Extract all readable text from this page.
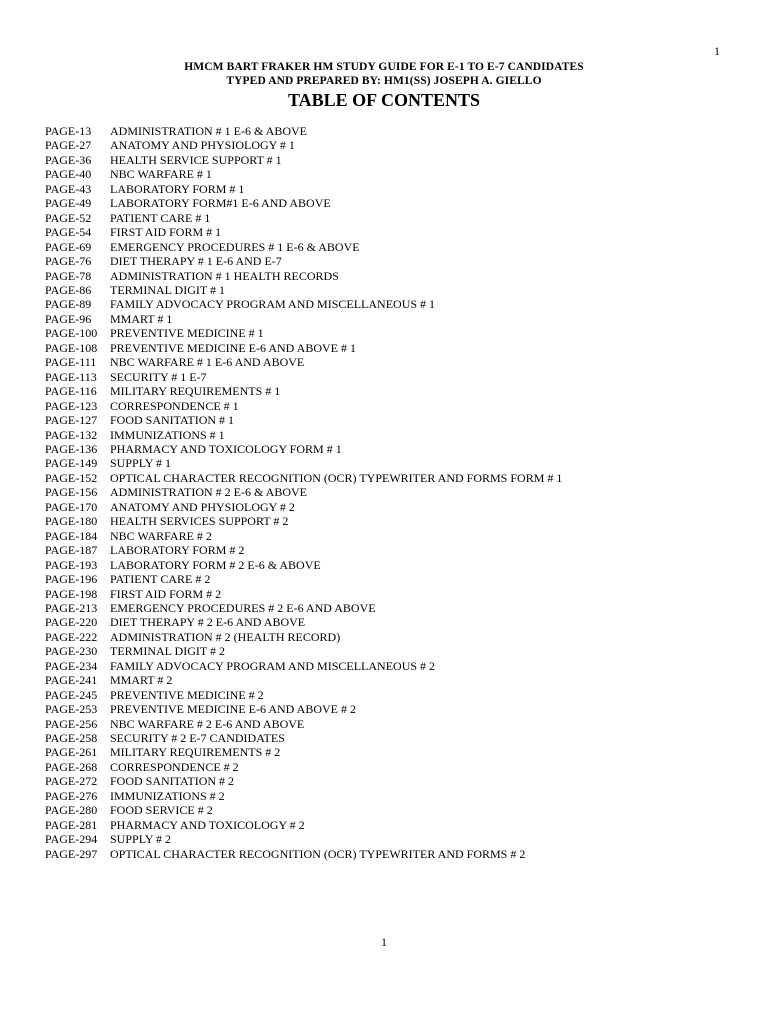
1
HMCM BART FRAKER HM STUDY GUIDE FOR E-1 TO E-7 CANDIDATES
TYPED AND PREPARED BY: HM1(SS) JOSEPH A. GIELLO
TABLE OF CONTENTS
PAGE-13	ADMINISTRATION # 1 E-6 & ABOVE
PAGE-27	ANATOMY AND PHYSIOLOGY # 1
PAGE-36	HEALTH SERVICE SUPPORT # 1
PAGE-40	NBC WARFARE # 1
PAGE-43	LABORATORY FORM # 1
PAGE-49	LABORATORY FORM#1 E-6 AND ABOVE
PAGE-52	PATIENT CARE # 1
PAGE-54	FIRST AID FORM # 1
PAGE-69	EMERGENCY PROCEDURES # 1 E-6 & ABOVE
PAGE-76	DIET THERAPY # 1 E-6 AND E-7
PAGE-78	ADMINISTRATION # 1 HEALTH RECORDS
PAGE-86	TERMINAL DIGIT # 1
PAGE-89	FAMILY ADVOCACY PROGRAM AND MISCELLANEOUS # 1
PAGE-96	MMART # 1
PAGE-100	PREVENTIVE MEDICINE # 1
PAGE-108	PREVENTIVE MEDICINE E-6 AND ABOVE # 1
PAGE-111	NBC WARFARE # 1 E-6 AND ABOVE
PAGE-113	SECURITY # 1 E-7
PAGE-116	MILITARY REQUIREMENTS # 1
PAGE-123	CORRESPONDENCE # 1
PAGE-127	FOOD SANITATION # 1
PAGE-132	IMMUNIZATIONS # 1
PAGE-136	PHARMACY AND TOXICOLOGY FORM # 1
PAGE-149	SUPPLY # 1
PAGE-152	OPTICAL CHARACTER RECOGNITION (OCR) TYPEWRITER AND FORMS FORM # 1
PAGE-156	ADMINISTRATION # 2 E-6 & ABOVE
PAGE-170	ANATOMY AND PHYSIOLOGY # 2
PAGE-180	HEALTH SERVICES SUPPORT # 2
PAGE-184	NBC WARFARE # 2
PAGE-187	LABORATORY FORM # 2
PAGE-193	LABORATORY FORM # 2 E-6 & ABOVE
PAGE-196	PATIENT CARE # 2
PAGE-198	FIRST AID FORM # 2
PAGE-213	EMERGENCY PROCEDURES # 2 E-6 AND ABOVE
PAGE-220	DIET THERAPY # 2 E-6 AND ABOVE
PAGE-222	ADMINISTRATION # 2 (HEALTH RECORD)
PAGE-230	TERMINAL DIGIT # 2
PAGE-234	FAMILY ADVOCACY PROGRAM AND MISCELLANEOUS # 2
PAGE-241	MMART # 2
PAGE-245	PREVENTIVE MEDICINE # 2
PAGE-253	PREVENTIVE MEDICINE E-6 AND ABOVE # 2
PAGE-256	NBC WARFARE # 2 E-6 AND ABOVE
PAGE-258	SECURITY # 2 E-7 CANDIDATES
PAGE-261	MILITARY REQUIREMENTS # 2
PAGE-268	CORRESPONDENCE # 2
PAGE-272	FOOD SANITATION # 2
PAGE-276	IMMUNIZATIONS # 2
PAGE-280	FOOD SERVICE # 2
PAGE-281	PHARMACY AND TOXICOLOGY # 2
PAGE-294	SUPPLY # 2
PAGE-297	OPTICAL CHARACTER RECOGNITION (OCR) TYPEWRITER AND FORMS # 2
1
